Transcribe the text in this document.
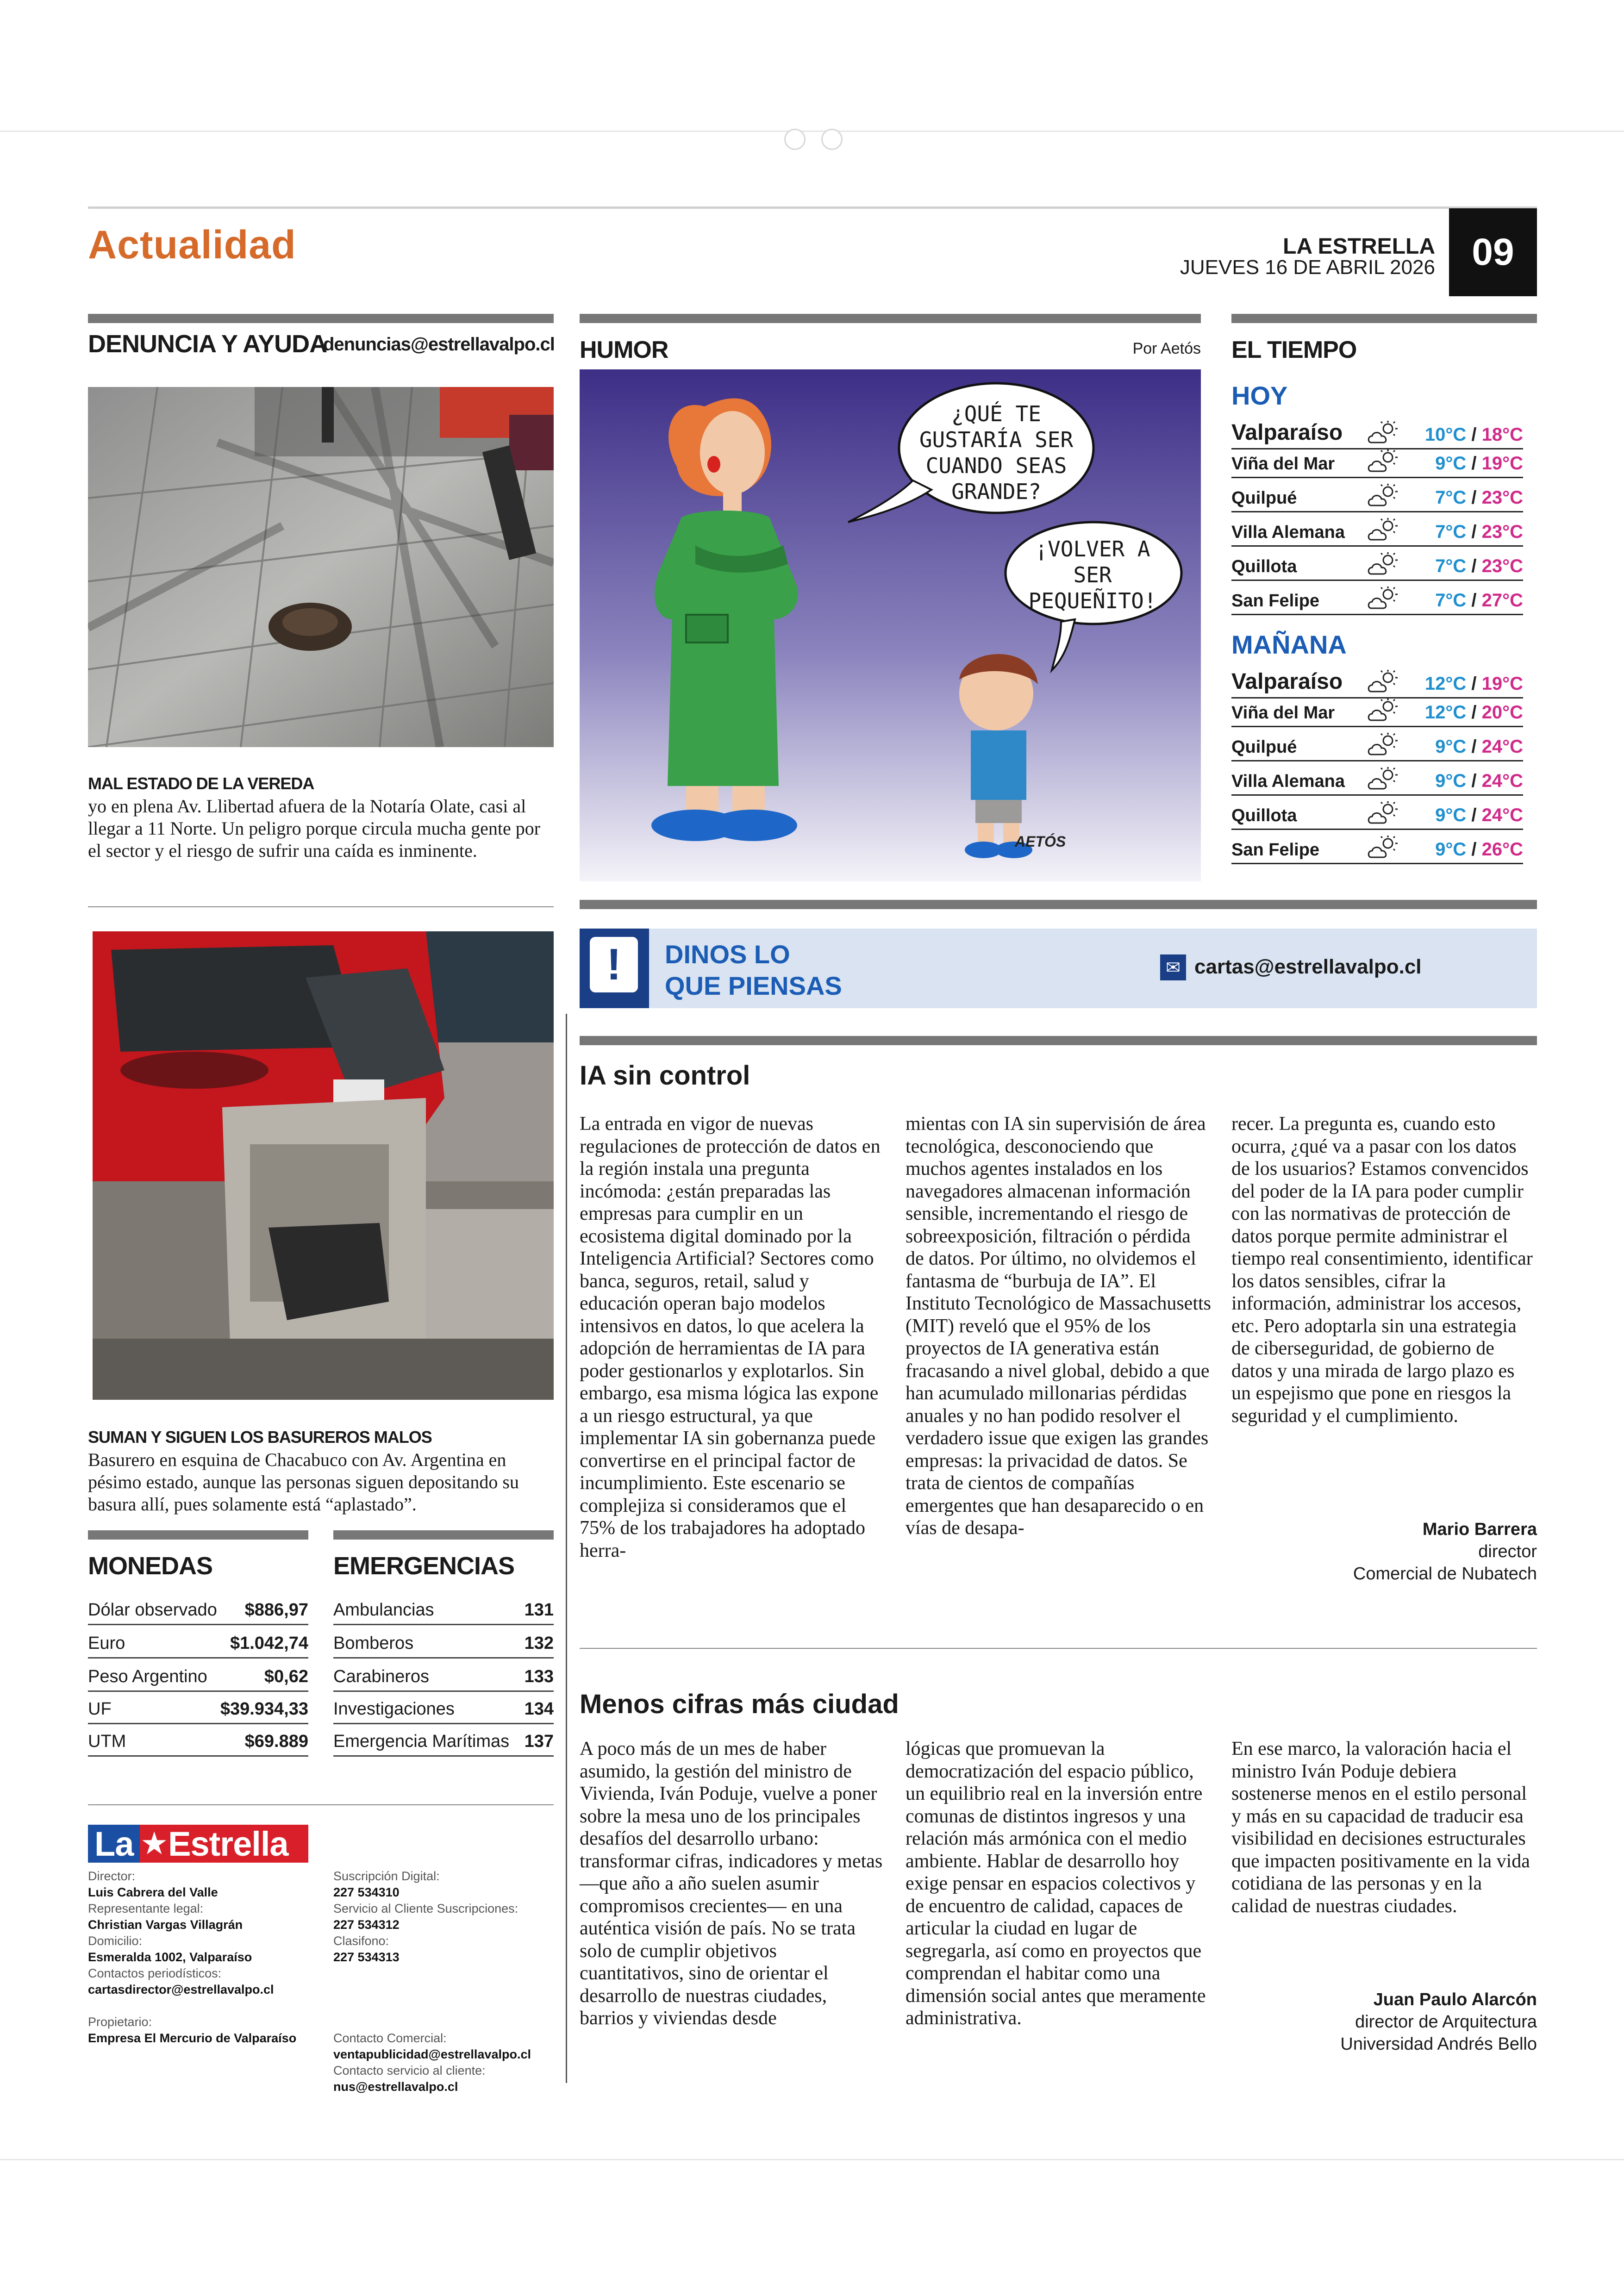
Actualidad	LA ESTRELLA
JUEVES 16 DE ABRIL 2026 09
DENUNCIA Y AYUDA
denuncias@estrellavalpo.cl
MAL ESTADO DE LA VEREDA
yo en plena Av. Llibertad afuera de la Notaría Olate, casi al llegar a 11 Norte. Un peligro porque circula mucha gente por el sector y el riesgo de sufrir una caída es inminente.
SUMAN Y SIGUEN LOS BASUREROS MALOS
Basurero en esquina de Chacabuco con Av. Argentina en pésimo estado, aunque las personas siguen depositando su basura allí, pues solamente está “aplastado”.
MONEDAS
Dólar observado $886,97
Euro	$1.042,74
Peso Argentino	$0,62
UF	$39.934,33
UTM	$69.889
EMERGENCIAS
Ambulancias	131
Bomberos	132
Carabineros	133
Investigaciones	134
Emergencia Marítimas 137
La ★ Estrella
Director:
Luis Cabrera del Valle
Representante legal:
Christian Vargas Villagrán
Domicilio:
Esmeralda 1002, Valparaíso
Contactos periodísticos:
cartasdirector@estrellavalpo.cl
Propietario:
Empresa El Mercurio de Valparaíso
Suscripción Digital:
227 534310
Servicio al Cliente Suscripciones:
227 534312
Clasifono:
227 534313
Contacto Comercial:
ventapublicidad@estrellavalpo.cl
Contacto servicio al cliente:
nus@estrellavalpo.cl
HUMOR	Por Aetós
¿QUÉ TE GUSTARÍA SER CUANDO SEAS GRANDE?
¡VOLVER A SER PEQUEÑITO!
AETÓS
EL TIEMPO
HOY
Valparaíso	10°C / 18°C
Viña del Mar	9°C / 19°C
Quilpué	7°C / 23°C
Villa Alemana	7°C / 23°C
Quillota	7°C / 23°C
San Felipe	7°C / 27°C
MAÑANA
Valparaíso	12°C / 19°C
Viña del Mar	12°C / 20°C
Quilpué	9°C / 24°C
Villa Alemana	9°C / 24°C
Quillota	9°C / 24°C
San Felipe	9°C / 26°C
!	DINOS LO
QUE PIENSAS
✉ cartas@estrellavalpo.cl
IA sin control
La entrada en vigor de nuevas regulaciones de protección de datos en la región instala una pregunta incómoda: ¿están preparadas las empresas para cumplir en un ecosistema digital dominado por la Inteligencia Artificial? Sectores como banca, seguros, retail, salud y educación operan bajo modelos intensivos en datos, lo que acelera la adopción de herramientas de IA para poder gestionarlos y explotarlos. Sin embargo, esa misma lógica las expone a un riesgo estructural, ya que implementar IA sin gobernanza puede convertirse en el principal factor de incumplimiento. Este escenario se complejiza si consideramos que el 75% de los trabajadores ha adoptado herra-
mientas con IA sin supervisión de área tecnológica, desconociendo que muchos agentes instalados en los navegadores almacenan información sensible, incrementando el riesgo de sobreexposición, filtración o pérdida de datos. Por último, no olvidemos el fantasma de “burbuja de IA”. El Instituto Tecnológico de Massachusetts (MIT) reveló que el 95% de los proyectos de IA generativa están fracasando a nivel global, debido a que han acumulado millonarias pérdidas anuales y no han podido resolver el verdadero issue que exigen las grandes empresas: la privacidad de datos. Se trata de cientos de compañías emergentes que han desaparecido o en vías de desapa-
recer. La pregunta es, cuando esto ocurra, ¿qué va a pasar con los datos de los usuarios? Estamos convencidos del poder de la IA para poder cumplir con las normativas de protección de datos porque permite administrar el tiempo real consentimiento, identificar los datos sensibles, cifrar la información, administrar los accesos, etc. Pero adoptarla sin una estrategia de ciberseguridad, de gobierno de datos y una mirada de largo plazo es un espejismo que pone en riesgos la seguridad y el cumplimiento.
Mario Barrera
director
Comercial de Nubatech
Menos cifras más ciudad
A poco más de un mes de haber asumido, la gestión del ministro de Vivienda, Iván Poduje, vuelve a poner sobre la mesa uno de los principales desafíos del desarrollo urbano: transformar cifras, indicadores y metas —que año a año suelen asumir compromisos crecientes— en una auténtica visión de país. No se trata solo de cumplir objetivos cuantitativos, sino de orientar el desarrollo de nuestras ciudades, barrios y viviendas desde
lógicas que promuevan la democratización del espacio público, un equilibrio real en la inversión entre comunas de distintos ingresos y una relación más armónica con el medio ambiente. Hablar de desarrollo hoy exige pensar en espacios colectivos y de encuentro de calidad, capaces de articular la ciudad en lugar de segregarla, así como en proyectos que comprendan el habitar como una dimensión social antes que meramente administrativa.
En ese marco, la valoración hacia el ministro Iván Poduje debiera sostenerse menos en el estilo personal y más en su capacidad de traducir esa visibilidad en decisiones estructurales que impacten positivamente en la vida cotidiana de las personas y en la calidad de nuestras ciudades.
Juan Paulo Alarcón
director de Arquitectura
Universidad Andrés Bello
